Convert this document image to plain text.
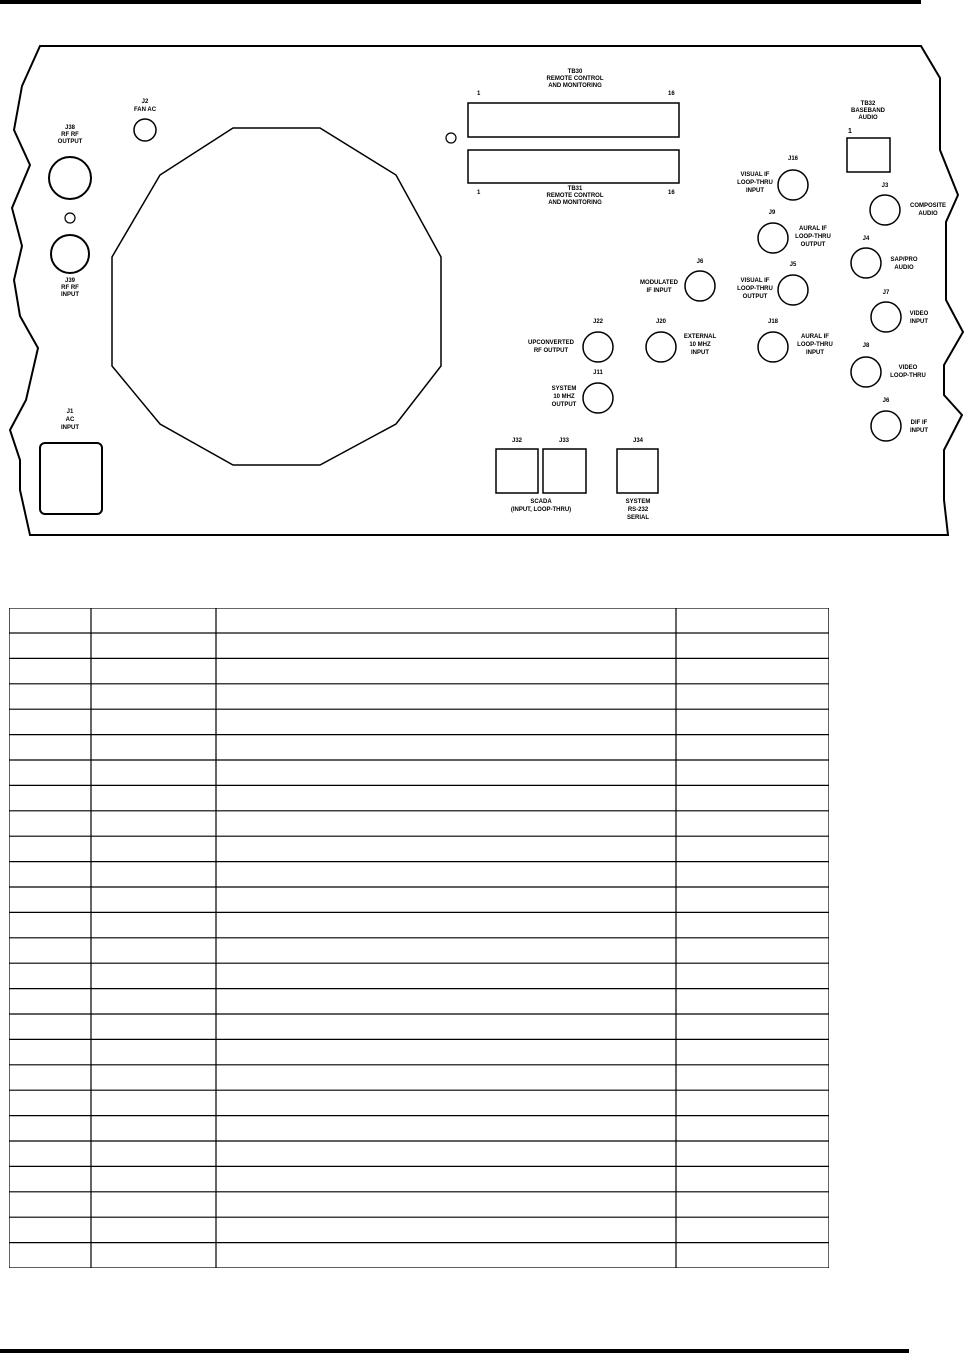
J38 RF RF OUTPUT
J39 RF RF INPUT
J2 FAN AC
J1 AC INPUT
TB30 REMOTE CONTROL AND MONITORING
1	16
1	16
TB31 REMOTE CONTROL AND MONITORING
TB32 BASEBAND AUDIO
1
J16
VISUAL IF LOOP-THRU INPUT
J9
AURAL IF LOOP-THRU OUTPUT
J5
VISUAL IF LOOP-THRU OUTPUT
J3
COMPOSITE AUDIO
J4
SAP/PRO AUDIO
J7
VIDEO INPUT
J8
VIDEO LOOP-THRU
J6
DIF IF INPUT
J6
MODULATED IF INPUT
J22
UPCONVERTED RF OUTPUT
J20
EXTERNAL 10 MHZ INPUT
J18
AURAL IF LOOP-THRU INPUT
J11
SYSTEM 10 MHZ OUTPUT
J32	J33	J34
SCADA (INPUT, LOOP-THRU)
SYSTEM RS-232 SERIAL
